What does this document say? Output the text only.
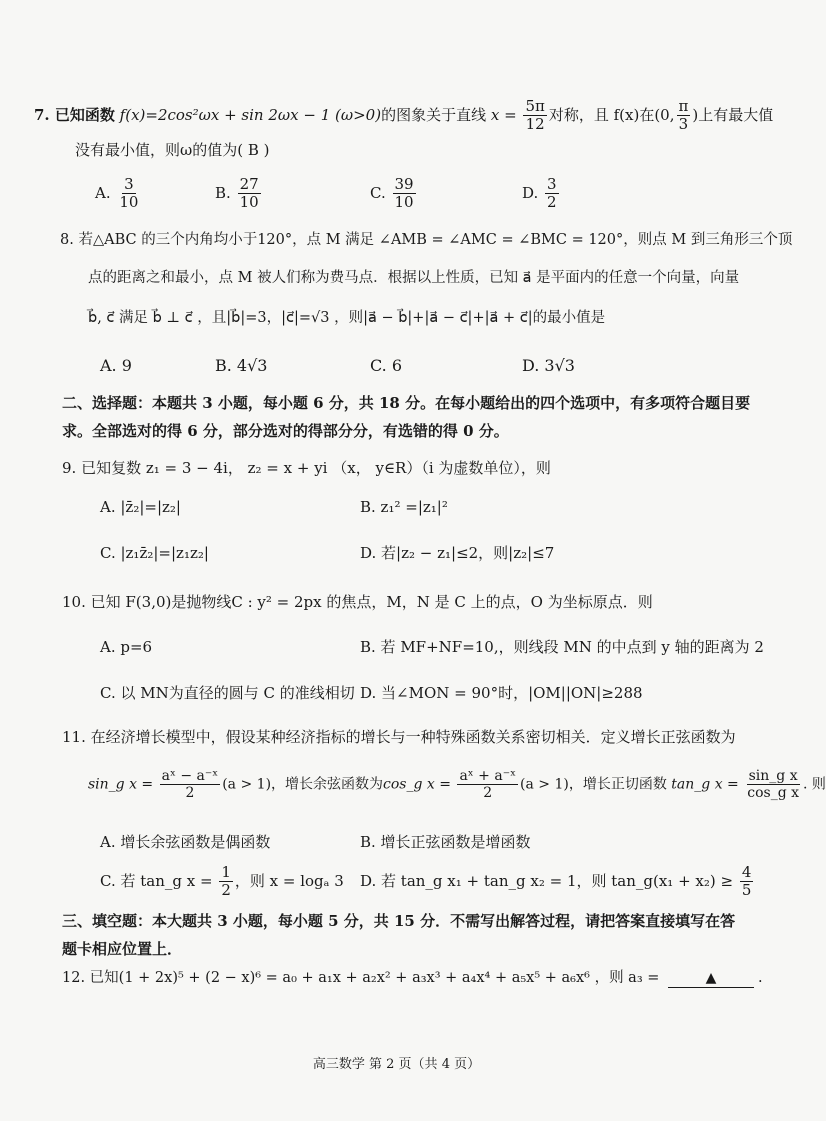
7. 已知函数 f(x)=2cos²ωx + sin 2ωx − 1 (ω>0)的图象关于直线 $x = \frac{5\pi}{12}$ 对称，且 f(x)在(0, $\frac{\pi}{3}$ )上有最大值
没有最小值，则ω的值为( B )
A. $\frac{3}{10}$	B. $\frac{27}{10}$	C. $\frac{39}{10}$	D. $\frac{3}{2}$
8. 若△ABC 的三个内角均小于120°，点 M 满足 ∠AMB = ∠AMC = ∠BMC = 120°，则点 M 到三角形三个顶
点的距离之和最小，点 M 被人们称为费马点．根据以上性质，已知 a⃗ 是平面内的任意一个向量，向量
b⃗, c⃗ 满足 b⃗ ⊥ c⃗ ，且|b⃗|=3，|c⃗|=√3 ，则|a⃗ − b⃗|+|a⃗ − c⃗|+|a⃗ + c⃗|的最小值是
A. 9	B. 4√3	C. 6	D. 3√3
二、选择题：本题共 3 小题，每小题 6 分，共 18 分。在每小题给出的四个选项中，有多项符合题目要
求。全部选对的得 6 分，部分选对的得部分分，有选错的得 0 分。
9. 已知复数 z₁ = 3 − 4i， z₂ = x + yi （x， y∈R）（i 为虚数单位），则
A. |z̄₂|=|z₂|	B. z₁² =|z₁|²
C. |z₁z̄₂|=|z₁z₂|	D. 若|z₂ − z₁|≤2，则|z₂|≤7
10. 已知 F(3,0)是抛物线C : y² = 2px 的焦点，M，N 是 C 上的点，O 为坐标原点．则
A. p=6	B. 若 MF+NF=10,，则线段 MN 的中点到 y 轴的距离为 2
C. 以 MN为直径的圆与 C 的准线相切 D. 当∠MON = 90°时，|OM||ON|≥288
11. 在经济增长模型中，假设某种经济指标的增长与一种特殊函数关系密切相关．定义增长正弦函数为
sin_g $x = \frac{\text{aˣ − a⁻ˣ}}{2} (a > 1)$，增长余弦函数为cos_g $x = \frac{\text{aˣ + a⁻ˣ}}{2} (a > 1)$，增长正切函数 tan_g $x = \frac{\text{sin\_g x}}{\text{cos\_g x}}$ . 则
A. 增长余弦函数是偶函数	B. 增长正弦函数是增函数
C. 若 tan_g $x = \frac{1}{2}$ ，则 x = logₐ 3 D. 若 tan_g x₁ + tan_g x₂ = 1，则 tan_g(x₁ + $x_2) \ge \frac{4}{5}$
三、填空题：本大题共 3 小题，每小题 5 分，共 15 分．不需写出解答过程，请把答案直接填写在答
题卡相应位置上．
12. 已知(1 + 2x)⁵ + (2 − x)⁶ = a₀ + a₁x + a₂x² + a₃x³ + a₄x⁴ + a₅x⁵ + a₆x⁶ ，则 a₃ =	▲	.
高三数学 第 2 页（共 4 页）
